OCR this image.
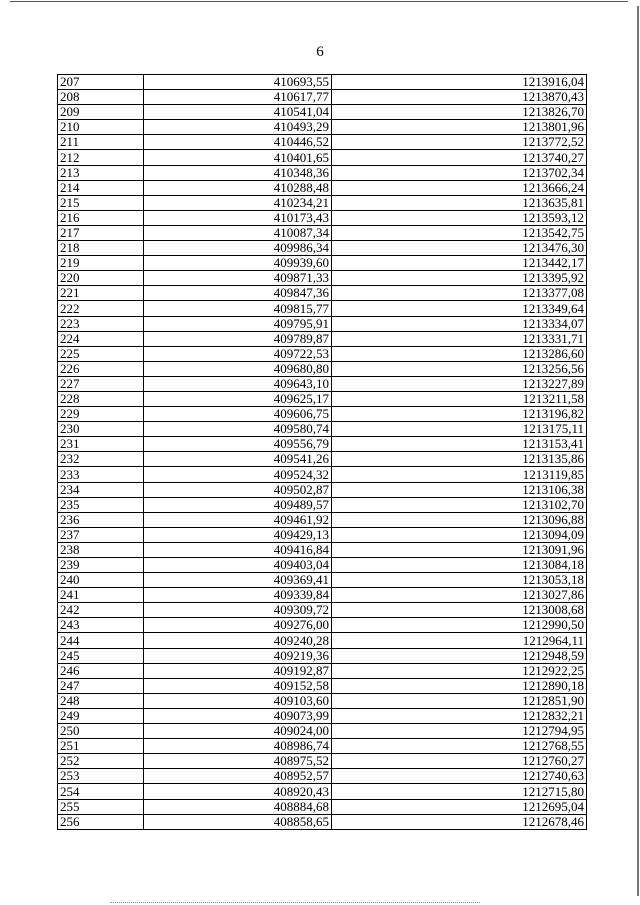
6
207	410693,55	1213916,04
208	410617,77	1213870,43
209	410541,04	1213826,70
210	410493,29	1213801,96
211	410446,52	1213772,52
212	410401,65	1213740,27
213	410348,36	1213702,34
214	410288,48	1213666,24
215	410234,21	1213635,81
216	410173,43	1213593,12
217	410087,34	1213542,75
218	409986,34	1213476,30
219	409939,60	1213442,17
220	409871,33	1213395,92
221	409847,36	1213377,08
222	409815,77	1213349,64
223	409795,91	1213334,07
224	409789,87	1213331,71
225	409722,53	1213286,60
226	409680,80	1213256,56
227	409643,10	1213227,89
228	409625,17	1213211,58
229	409606,75	1213196,82
230	409580,74	1213175,11
231	409556,79	1213153,41
232	409541,26	1213135,86
233	409524,32	1213119,85
234	409502,87	1213106,38
235	409489,57	1213102,70
236	409461,92	1213096,88
237	409429,13	1213094,09
238	409416,84	1213091,96
239	409403,04	1213084,18
240	409369,41	1213053,18
241	409339,84	1213027,86
242	409309,72	1213008,68
243	409276,00	1212990,50
244	409240,28	1212964,11
245	409219,36	1212948,59
246	409192,87	1212922,25
247	409152,58	1212890,18
248	409103,60	1212851,90
249	409073,99	1212832,21
250	409024,00	1212794,95
251	408986,74	1212768,55
252	408975,52	1212760,27
253	408952,57	1212740,63
254	408920,43	1212715,80
255	408884,68	1212695,04
256	408858,65	1212678,46
